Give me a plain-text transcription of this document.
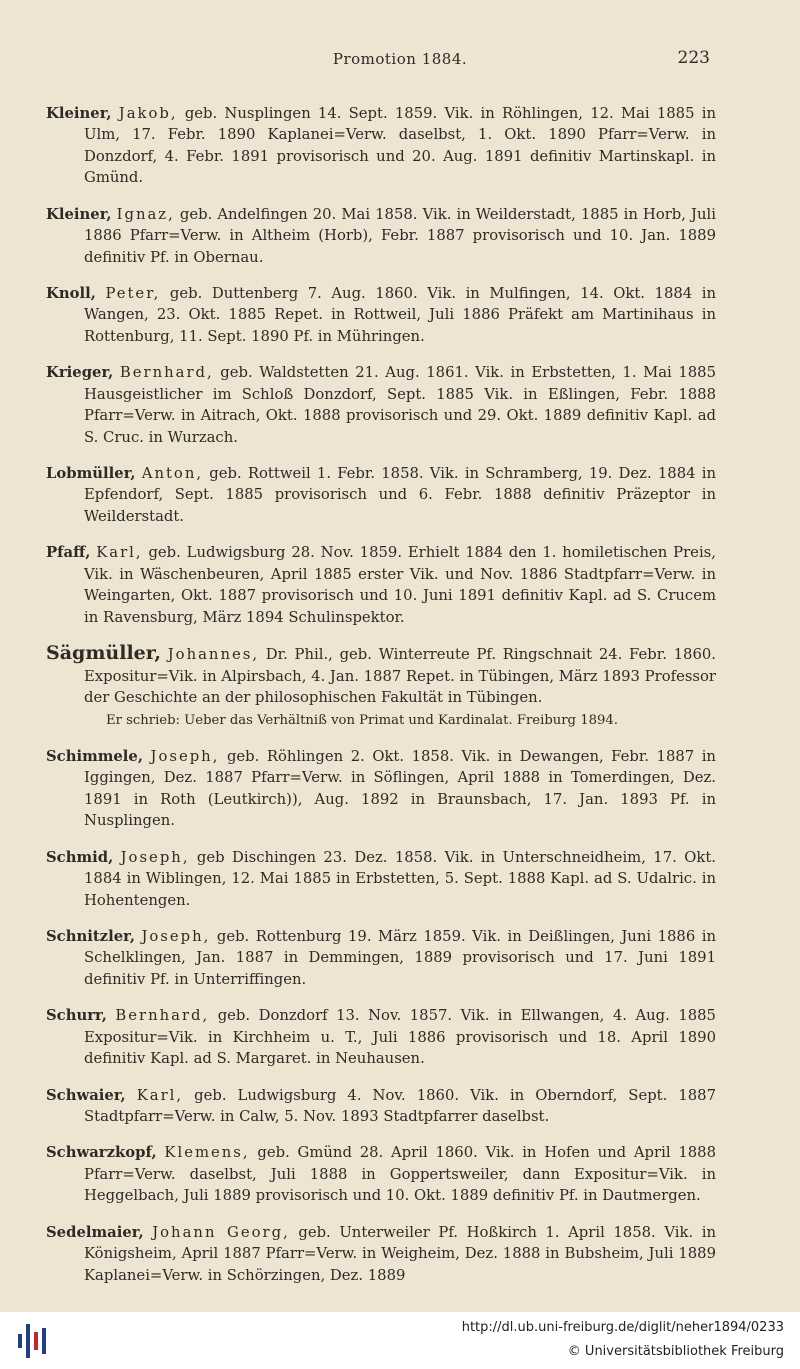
Promotion 1884.	223

Kleiner, Jakob, geb. Nusplingen 14. Sept. 1859. Vik. in Röhlingen, 12. Mai 1885 in Ulm, 17. Febr. 1890 Kaplanei=Verw. daselbst, 1. Okt. 1890 Pfarr=Verw. in Donzdorf, 4. Febr. 1891 provisorisch und 20. Aug. 1891 definitiv Martinskapl. in Gmünd.

Kleiner, Ignaz, geb. Andelfingen 20. Mai 1858. Vik. in Weilderstadt, 1885 in Horb, Juli 1886 Pfarr=Verw. in Altheim (Horb), Febr. 1887 provisorisch und 10. Jan. 1889 definitiv Pf. in Obernau.

Knoll, Peter, geb. Duttenberg 7. Aug. 1860. Vik. in Mulfingen, 14. Okt. 1884 in Wangen, 23. Okt. 1885 Repet. in Rottweil, Juli 1886 Präfekt am Martinihaus in Rottenburg, 11. Sept. 1890 Pf. in Mühringen.

Krieger, Bernhard, geb. Waldstetten 21. Aug. 1861. Vik. in Erbstetten, 1. Mai 1885 Hausgeistlicher im Schloß Donzdorf, Sept. 1885 Vik. in Eßlingen, Febr. 1888 Pfarr=Verw. in Aitrach, Okt. 1888 provisorisch und 29. Okt. 1889 definitiv Kapl. ad S. Cruc. in Wurzach.

Lobmüller, Anton, geb. Rottweil 1. Febr. 1858. Vik. in Schramberg, 19. Dez. 1884 in Epfendorf, Sept. 1885 provisorisch und 6. Febr. 1888 definitiv Präzeptor in Weilderstadt.

Pfaff, Karl, geb. Ludwigsburg 28. Nov. 1859. Erhielt 1884 den 1. homiletischen Preis, Vik. in Wäschenbeuren, April 1885 erster Vik. und Nov. 1886 Stadtpfarr=Verw. in Weingarten, Okt. 1887 provisorisch und 10. Juni 1891 definitiv Kapl. ad S. Crucem in Ravensburg, März 1894 Schulinspektor.

Sägmüller, Johannes, Dr. Phil., geb. Winterreute Pf. Ringschnait 24. Febr. 1860. Expositur=Vik. in Alpirsbach, 4. Jan. 1887 Repet. in Tübingen, März 1893 Professor der Geschichte an der philosophischen Fakultät in Tübingen.
Er schrieb: Ueber das Verhältniß von Primat und Kardinalat. Freiburg 1894.

Schimmele, Joseph, geb. Röhlingen 2. Okt. 1858. Vik. in Dewangen, Febr. 1887 in Iggingen, Dez. 1887 Pfarr=Verw. in Söflingen, April 1888 in Tomerdingen, Dez. 1891 in Roth (Leutkirch)), Aug. 1892 in Braunsbach, 17. Jan. 1893 Pf. in Nusplingen.

Schmid, Joseph, geb Dischingen 23. Dez. 1858. Vik. in Unterschneidheim, 17. Okt. 1884 in Wiblingen, 12. Mai 1885 in Erbstetten, 5. Sept. 1888 Kapl. ad S. Udalric. in Hohentengen.

Schnitzler, Joseph, geb. Rottenburg 19. März 1859. Vik. in Deißlingen, Juni 1886 in Schelklingen, Jan. 1887 in Demmingen, 1889 provisorisch und 17. Juni 1891 definitiv Pf. in Unterriffingen.

Schurr, Bernhard, geb. Donzdorf 13. Nov. 1857. Vik. in Ellwangen, 4. Aug. 1885 Expositur=Vik. in Kirchheim u. T., Juli 1886 provisorisch und 18. April 1890 definitiv Kapl. ad S. Margaret. in Neuhausen.

Schwaier, Karl, geb. Ludwigsburg 4. Nov. 1860. Vik. in Oberndorf, Sept. 1887 Stadtpfarr=Verw. in Calw, 5. Nov. 1893 Stadtpfarrer daselbst.

Schwarzkopf, Klemens, geb. Gmünd 28. April 1860. Vik. in Hofen und April 1888 Pfarr=Verw. daselbst, Juli 1888 in Goppertsweiler, dann Expositur=Vik. in Heggelbach, Juli 1889 provisorisch und 10. Okt. 1889 definitiv Pf. in Dautmergen.

Sedelmaier, Johann Georg, geb. Unterweiler Pf. Hoßkirch 1. April 1858. Vik. in Königsheim, April 1887 Pfarr=Verw. in Weigheim, Dez. 1888 in Bubsheim, Juli 1889 Kaplanei=Verw. in Schörzingen, Dez. 1889

http://dl.ub.uni-freiburg.de/diglit/neher1894/0233
© Universitätsbibliothek Freiburg
